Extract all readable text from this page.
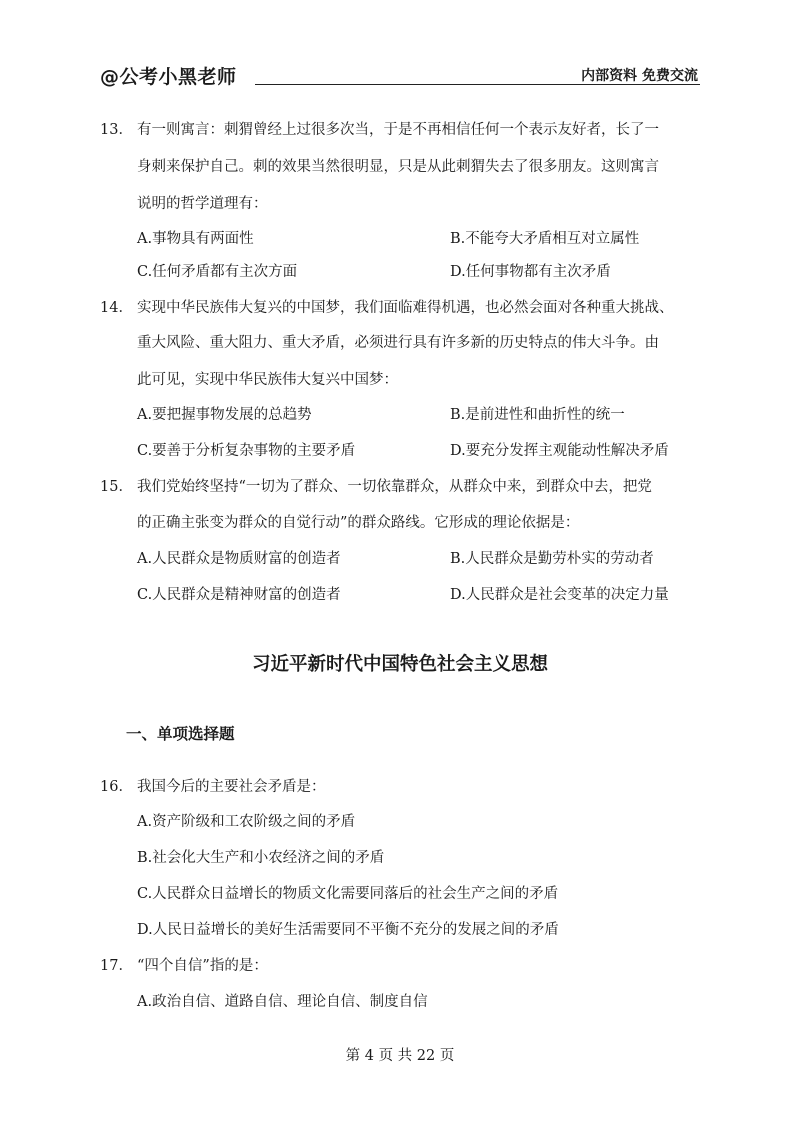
@公考小黑老师	内部资料 免费交流
13． 有一则寓言：刺猬曾经上过很多次当，于是不再相信任何一个表示友好者，长了一
身刺来保护自己。刺的效果当然很明显，只是从此刺猬失去了很多朋友。这则寓言
说明的哲学道理有：
A.事物具有两面性	B.不能夸大矛盾相互对立属性
C.任何矛盾都有主次方面	D.任何事物都有主次矛盾
14． 实现中华民族伟大复兴的中国梦，我们面临难得机遇，也必然会面对各种重大挑战、
重大风险、重大阻力、重大矛盾，必须进行具有许多新的历史特点的伟大斗争。由
此可见，实现中华民族伟大复兴中国梦：
A.要把握事物发展的总趋势	B.是前进性和曲折性的统一
C.要善于分析复杂事物的主要矛盾	D.要充分发挥主观能动性解决矛盾
15． 我们党始终坚持“一切为了群众、一切依靠群众，从群众中来，到群众中去，把党
的正确主张变为群众的自觉行动”的群众路线。它形成的理论依据是：
A.人民群众是物质财富的创造者	B.人民群众是勤劳朴实的劳动者
C.人民群众是精神财富的创造者	D.人民群众是社会变革的决定力量
习近平新时代中国特色社会主义思想
一、单项选择题
16． 我国今后的主要社会矛盾是：
A.资产阶级和工农阶级之间的矛盾
B.社会化大生产和小农经济之间的矛盾
C.人民群众日益增长的物质文化需要同落后的社会生产之间的矛盾
D.人民日益增长的美好生活需要同不平衡不充分的发展之间的矛盾
17． “四个自信”指的是：
A.政治自信、道路自信、理论自信、制度自信
第 4 页 共 22 页
